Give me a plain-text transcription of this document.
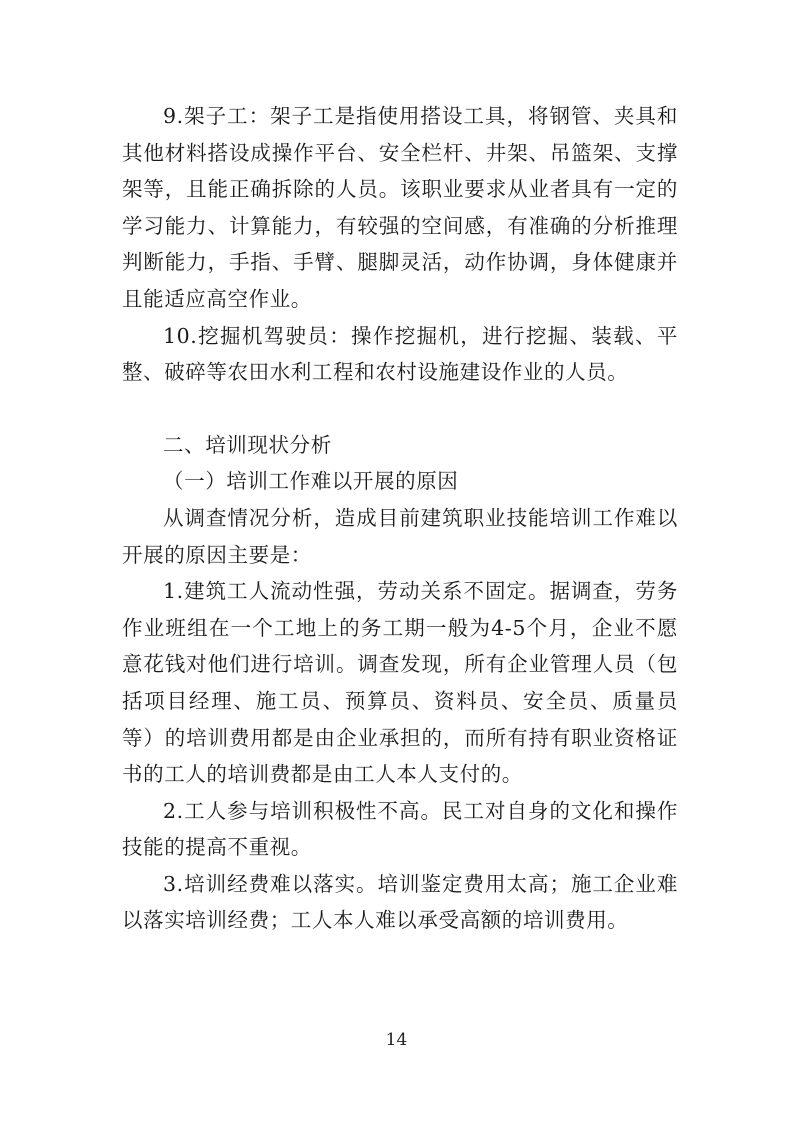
9.架子工：架子工是指使用搭设工具，将钢管、夹具和其他材料搭设成操作平台、安全栏杆、井架、吊篮架、支撑架等，且能正确拆除的人员。该职业要求从业者具有一定的学习能力、计算能力，有较强的空间感，有准确的分析推理判断能力，手指、手臂、腿脚灵活，动作协调，身体健康并且能适应高空作业。

10.挖掘机驾驶员：操作挖掘机，进行挖掘、装载、平整、破碎等农田水利工程和农村设施建设作业的人员。

二、培训现状分析

（一）培训工作难以开展的原因

从调查情况分析，造成目前建筑职业技能培训工作难以开展的原因主要是：

1.建筑工人流动性强，劳动关系不固定。据调查，劳务作业班组在一个工地上的务工期一般为4-5个月，企业不愿意花钱对他们进行培训。调查发现，所有企业管理人员（包括项目经理、施工员、预算员、资料员、安全员、质量员等）的培训费用都是由企业承担的，而所有持有职业资格证书的工人的培训费都是由工人本人支付的。

2.工人参与培训积极性不高。民工对自身的文化和操作技能的提高不重视。

3.培训经费难以落实。培训鉴定费用太高；施工企业难以落实培训经费；工人本人难以承受高额的培训费用。

14
